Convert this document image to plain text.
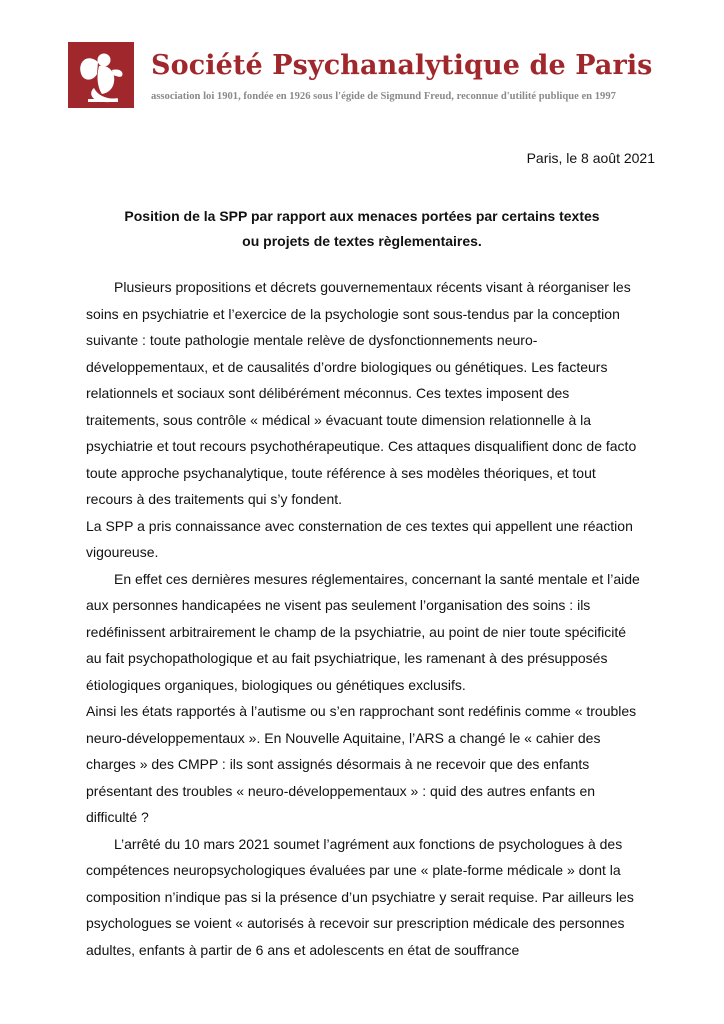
Société Psychanalytique de Paris
association loi 1901, fondée en 1926 sous l'égide de Sigmund Freud, reconnue d'utilité publique en 1997
Paris, le 8 août 2021
Position de la SPP par rapport aux menaces portées par certains textes
ou projets de textes règlementaires.

Plusieurs propositions et décrets gouvernementaux récents visant à réorganiser les soins en psychiatrie et l’exercice de la psychologie sont sous-tendus par la conception suivante : toute pathologie mentale relève de dysfonctionnements neuro-développementaux, et de causalités d’ordre biologiques ou génétiques. Les facteurs relationnels et sociaux sont délibérément méconnus. Ces textes imposent des traitements, sous contrôle « médical » évacuant toute dimension relationnelle à la psychiatrie et tout recours psychothérapeutique. Ces attaques disqualifient donc de facto toute approche psychanalytique, toute référence à ses modèles théoriques, et tout recours à des traitements qui s’y fondent.

La SPP a pris connaissance avec consternation de ces textes qui appellent une réaction vigoureuse.

En effet ces dernières mesures réglementaires, concernant la santé mentale et l’aide aux personnes handicapées ne visent pas seulement l’organisation des soins : ils redéfinissent arbitrairement le champ de la psychiatrie, au point de nier toute spécificité au fait psychopathologique et au fait psychiatrique, les ramenant à des présupposés étiologiques organiques, biologiques ou génétiques exclusifs.

Ainsi les états rapportés à l’autisme ou s’en rapprochant sont redéfinis comme « troubles neuro-développementaux ». En Nouvelle Aquitaine, l’ARS a changé le « cahier des charges » des CMPP : ils sont assignés désormais à ne recevoir que des enfants présentant des troubles « neuro-développementaux » : quid des autres enfants en difficulté ?

L’arrêté du 10 mars 2021 soumet l’agrément aux fonctions de psychologues à des compétences neuropsychologiques évaluées par une « plate-forme médicale » dont la composition n’indique pas si la présence d’un psychiatre y serait requise. Par ailleurs les psychologues se voient « autorisés à recevoir sur prescription médicale des personnes adultes, enfants à partir de 6 ans et adolescents en état de souffrance
